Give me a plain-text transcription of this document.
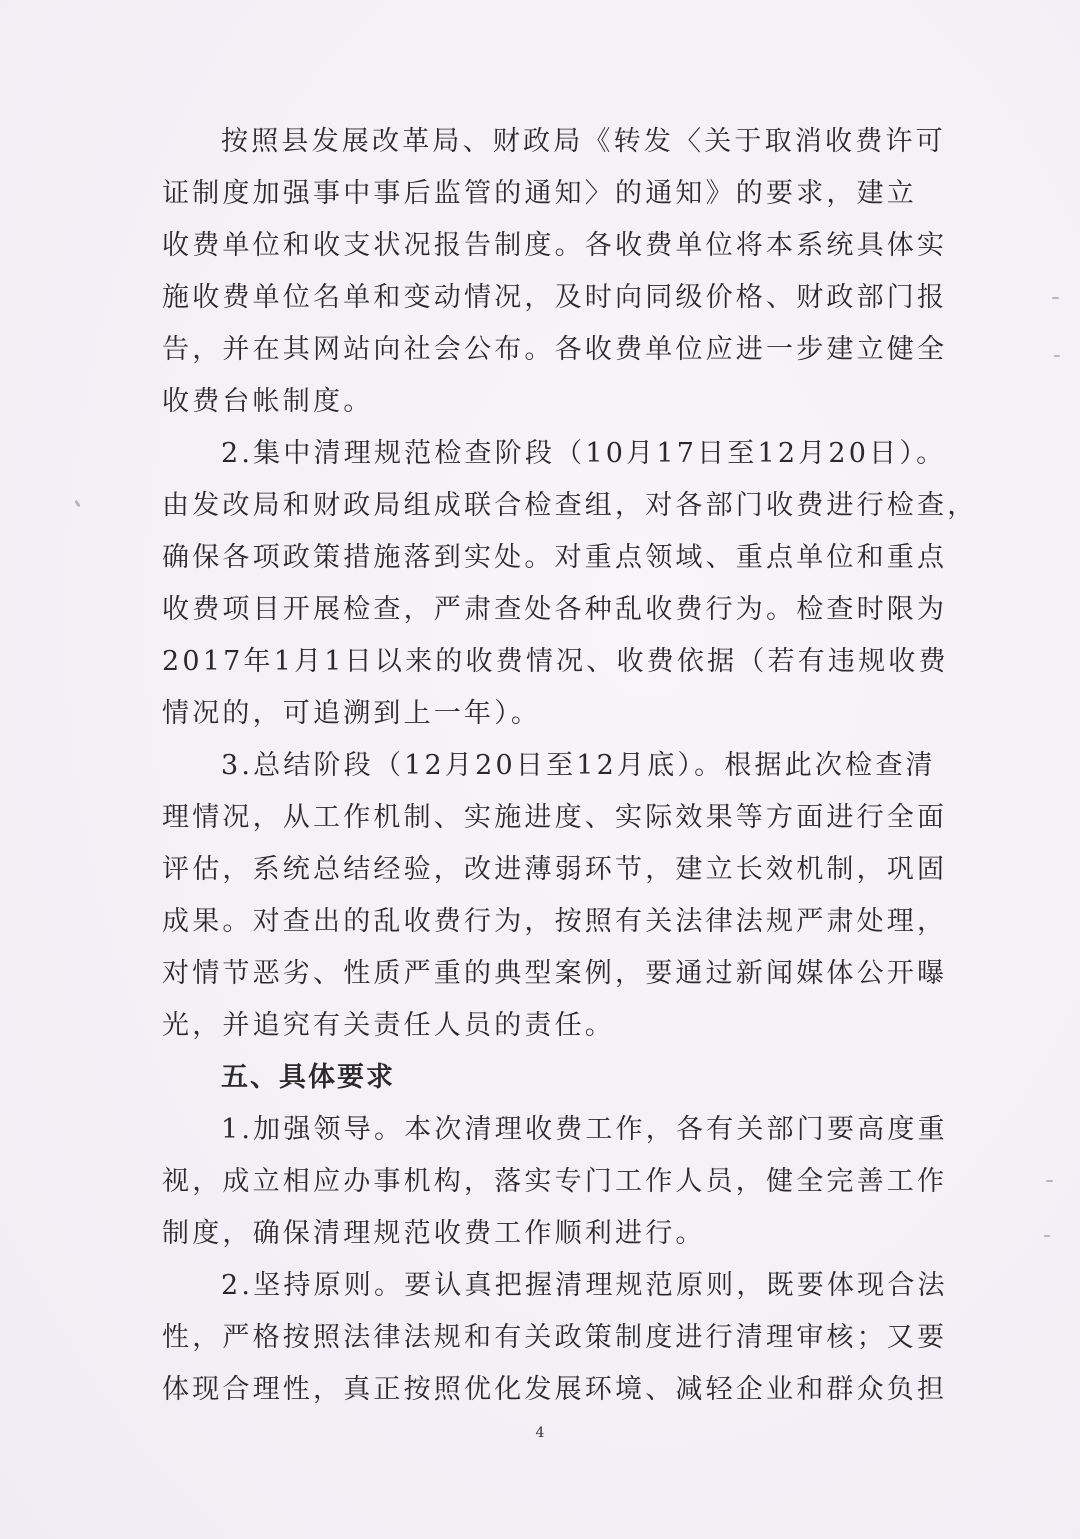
按照县发展改革局、财政局《转发〈关于取消收费许可
证制度加强事中事后监管的通知〉的通知》的要求，建立
收费单位和收支状况报告制度。各收费单位将本系统具体实
施收费单位名单和变动情况，及时向同级价格、财政部门报
告，并在其网站向社会公布。各收费单位应进一步建立健全
收费台帐制度。
2.集中清理规范检查阶段（10月17日至12月20日）。
由发改局和财政局组成联合检查组，对各部门收费进行检查，
确保各项政策措施落到实处。对重点领域、重点单位和重点
收费项目开展检查，严肃查处各种乱收费行为。检查时限为
2017年1月1日以来的收费情况、收费依据（若有违规收费
情况的，可追溯到上一年）。
3.总结阶段（12月20日至12月底）。根据此次检查清
理情况，从工作机制、实施进度、实际效果等方面进行全面
评估，系统总结经验，改进薄弱环节，建立长效机制，巩固
成果。对查出的乱收费行为，按照有关法律法规严肃处理，
对情节恶劣、性质严重的典型案例，要通过新闻媒体公开曝
光，并追究有关责任人员的责任。
五、具体要求
1.加强领导。本次清理收费工作，各有关部门要高度重
视，成立相应办事机构，落实专门工作人员，健全完善工作
制度，确保清理规范收费工作顺利进行。
2.坚持原则。要认真把握清理规范原则，既要体现合法
性，严格按照法律法规和有关政策制度进行清理审核；又要
体现合理性，真正按照优化发展环境、减轻企业和群众负担
4
